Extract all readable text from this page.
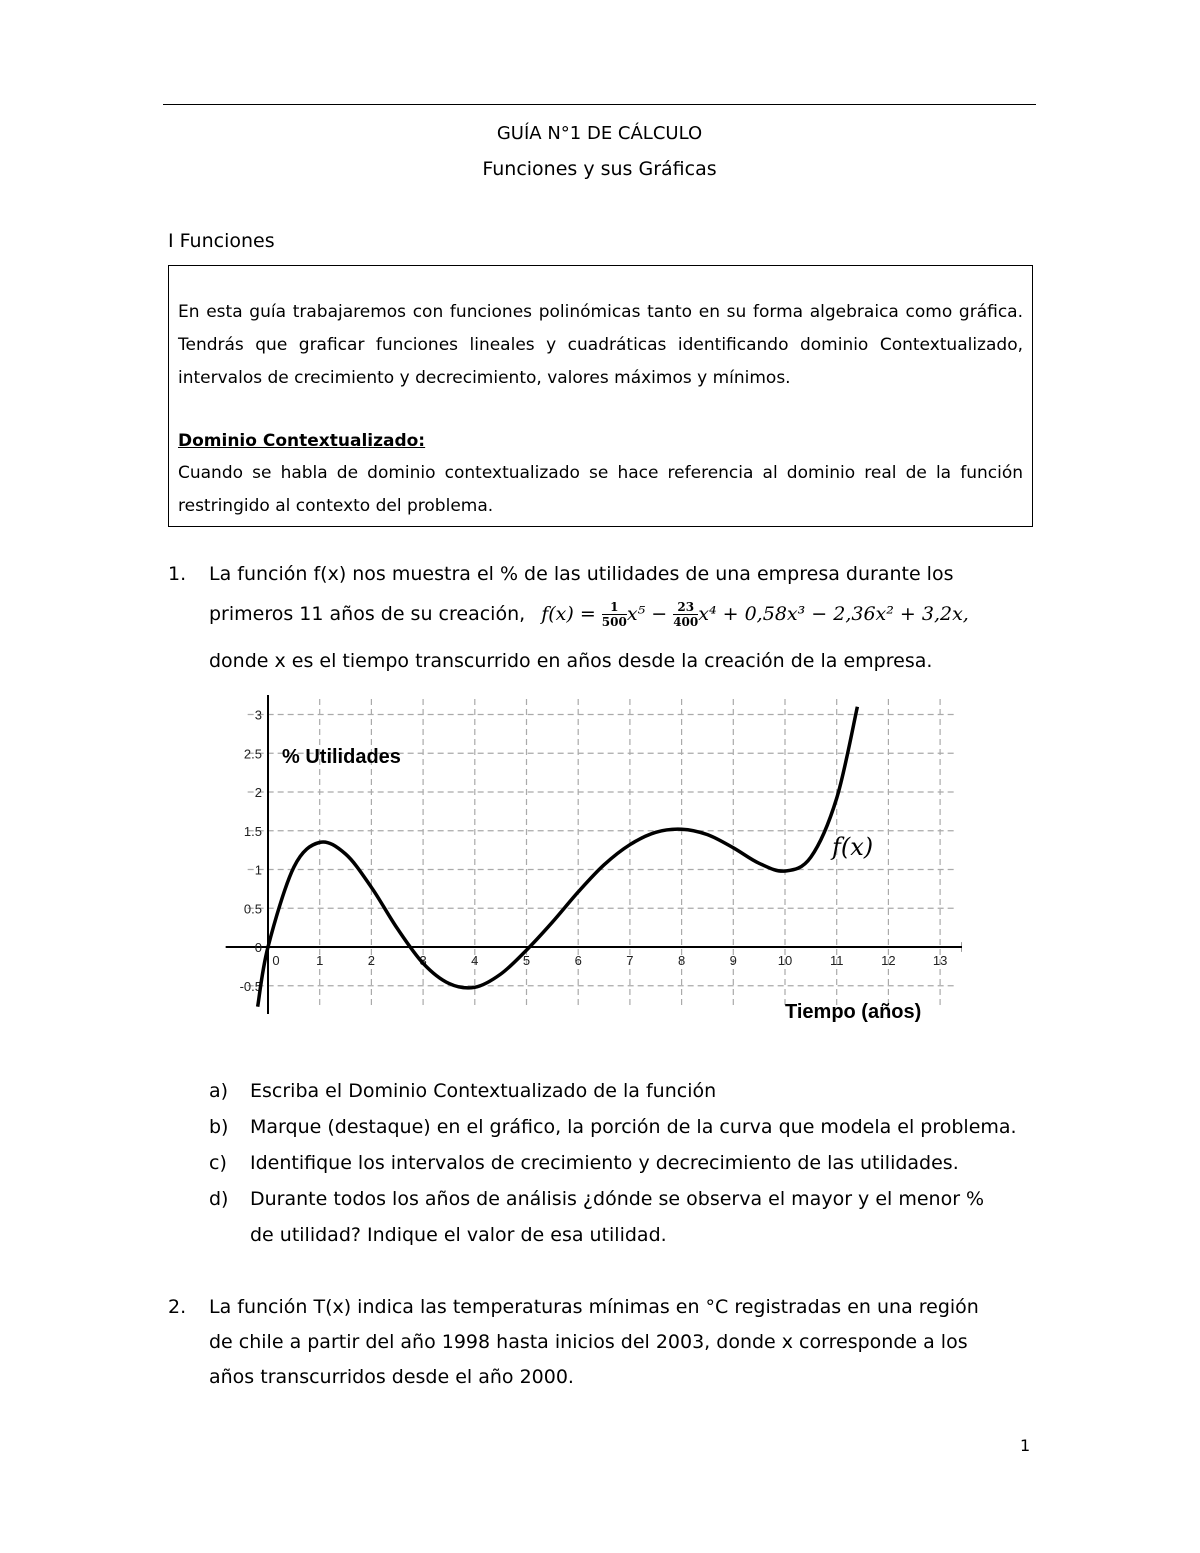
GUÍA N°1 DE CÁLCULO
Funciones y sus Gráficas
I Funciones
En esta guía trabajaremos con funciones polinómicas tanto en su forma algebraica como gráfica. Tendrás que graficar funciones lineales y cuadráticas identificando dominio Contextualizado, intervalos de crecimiento y decrecimiento, valores máximos y mínimos.
Dominio Contextualizado:
Cuando se habla de dominio contextualizado se hace referencia al dominio real de la función restringido al contexto del problema.
1. La función f(x) nos muestra el % de las utilidades de una empresa durante los
primeros 11 años de su creación, $f(x) = \frac{1}{500} x^5 - \frac{23}{400} x^4 + 0,58x^3 - 2,36x^2 + 3,2x$,
donde x es el tiempo transcurrido en años desde la creación de la empresa.
0	1	2	3	4	5	6	7	8	9	10	11	12	13
-0.5
0
0.5
1
1.5
2
2.5
3
% Utilidades
Tiempo (años)
f(x)
a) Escriba el Dominio Contextualizado de la función
b) Marque (destaque) en el gráfico, la porción de la curva que modela el problema.
c) Identifique los intervalos de crecimiento y decrecimiento de las utilidades.
d) Durante todos los años de análisis ¿dónde se observa el mayor y el menor %
de utilidad? Indique el valor de esa utilidad.
2. La función T(x) indica las temperaturas mínimas en °C registradas en una región
de chile a partir del año 1998 hasta inicios del 2003, donde x corresponde a los
años transcurridos desde el año 2000.
1
